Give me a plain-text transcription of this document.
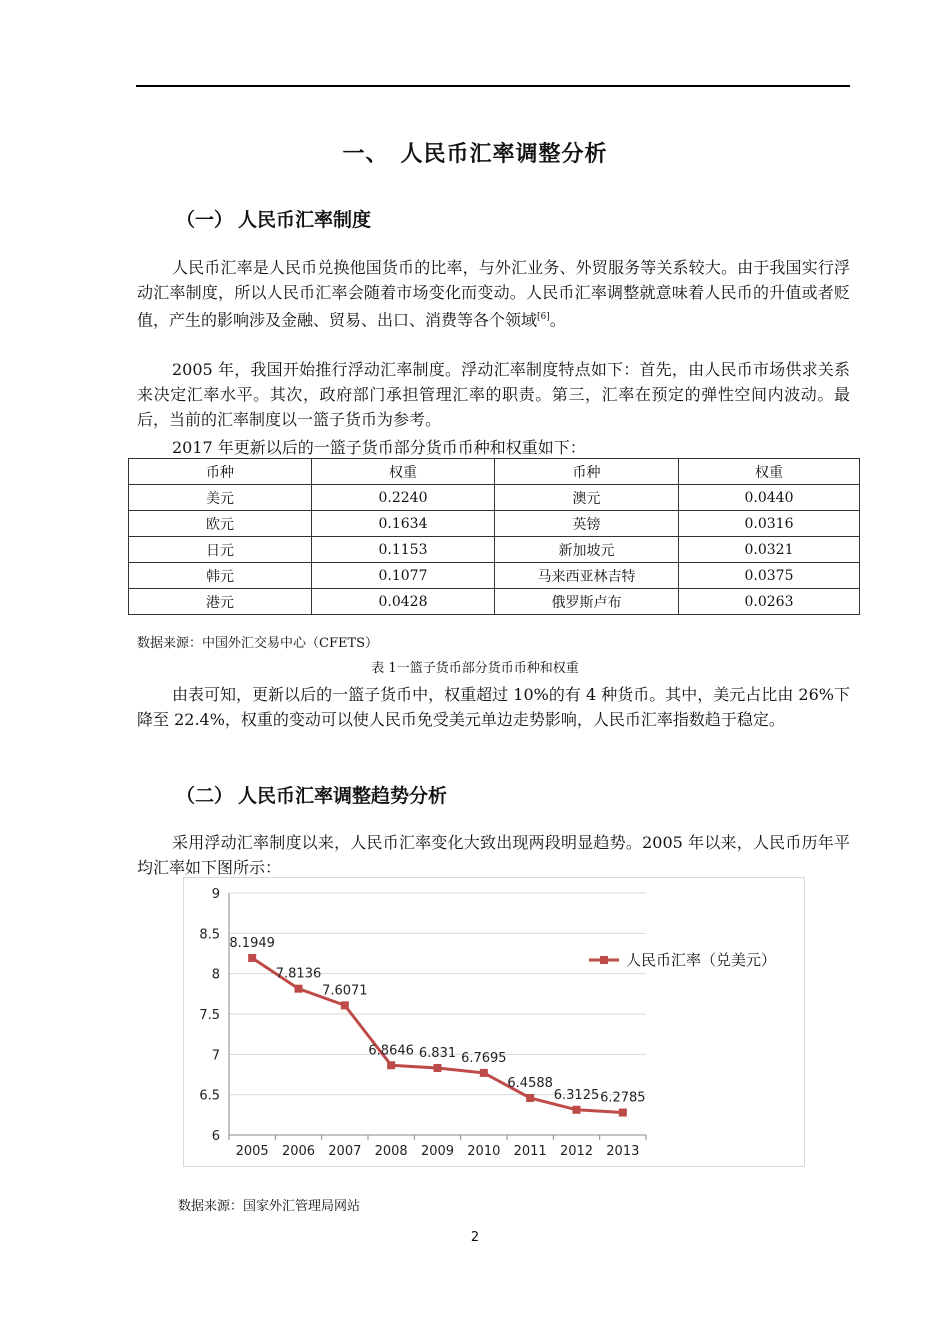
一、　人民币汇率调整分析
（一） 人民币汇率制度
人民币汇率是人民币兑换他国货币的比率，与外汇业务、外贸服务等关系较大。由于我国实行浮动汇率制度，所以人民币汇率会随着市场变化而变动。人民币汇率调整就意味着人民币的升值或者贬值，产生的影响涉及金融、贸易、出口、消费等各个领域[6]。
2005 年，我国开始推行浮动汇率制度。浮动汇率制度特点如下：首先，由人民币市场供求关系来决定汇率水平。其次，政府部门承担管理汇率的职责。第三，汇率在预定的弹性空间内波动。最后，当前的汇率制度以一篮子货币为参考。
2017 年更新以后的一篮子货币部分货币币种和权重如下：
币种	权重	币种	权重
美元	0.2240	澳元	0.0440
欧元	0.1634	英镑	0.0316
日元	0.1153	新加坡元	0.0321
韩元	0.1077	马来西亚林吉特	0.0375
港元	0.0428	俄罗斯卢布	0.0263
数据来源：中国外汇交易中心（CFETS）
表 1一篮子货币部分货币币种和权重
由表可知，更新以后的一篮子货币中，权重超过 10%的有 4 种货币。其中，美元占比由 26%下降至 22.4%，权重的变动可以使人民币免受美元单边走势影响，人民币汇率指数趋于稳定。
（二） 人民币汇率调整趋势分析
采用浮动汇率制度以来，人民币汇率变化大致出现两段明显趋势。2005 年以来，人民币历年平均汇率如下图所示：
6
6.5
7
7.5
8
8.5
9
2005 2006 2007 2008 2009 2010 2011 2012 2013
8.1949
7.8136
7.6071
6.8646 6.831 6.7695
6.4588
6.3125 6.2785
人民币汇率（兑美元）
数据来源：国家外汇管理局网站
2
